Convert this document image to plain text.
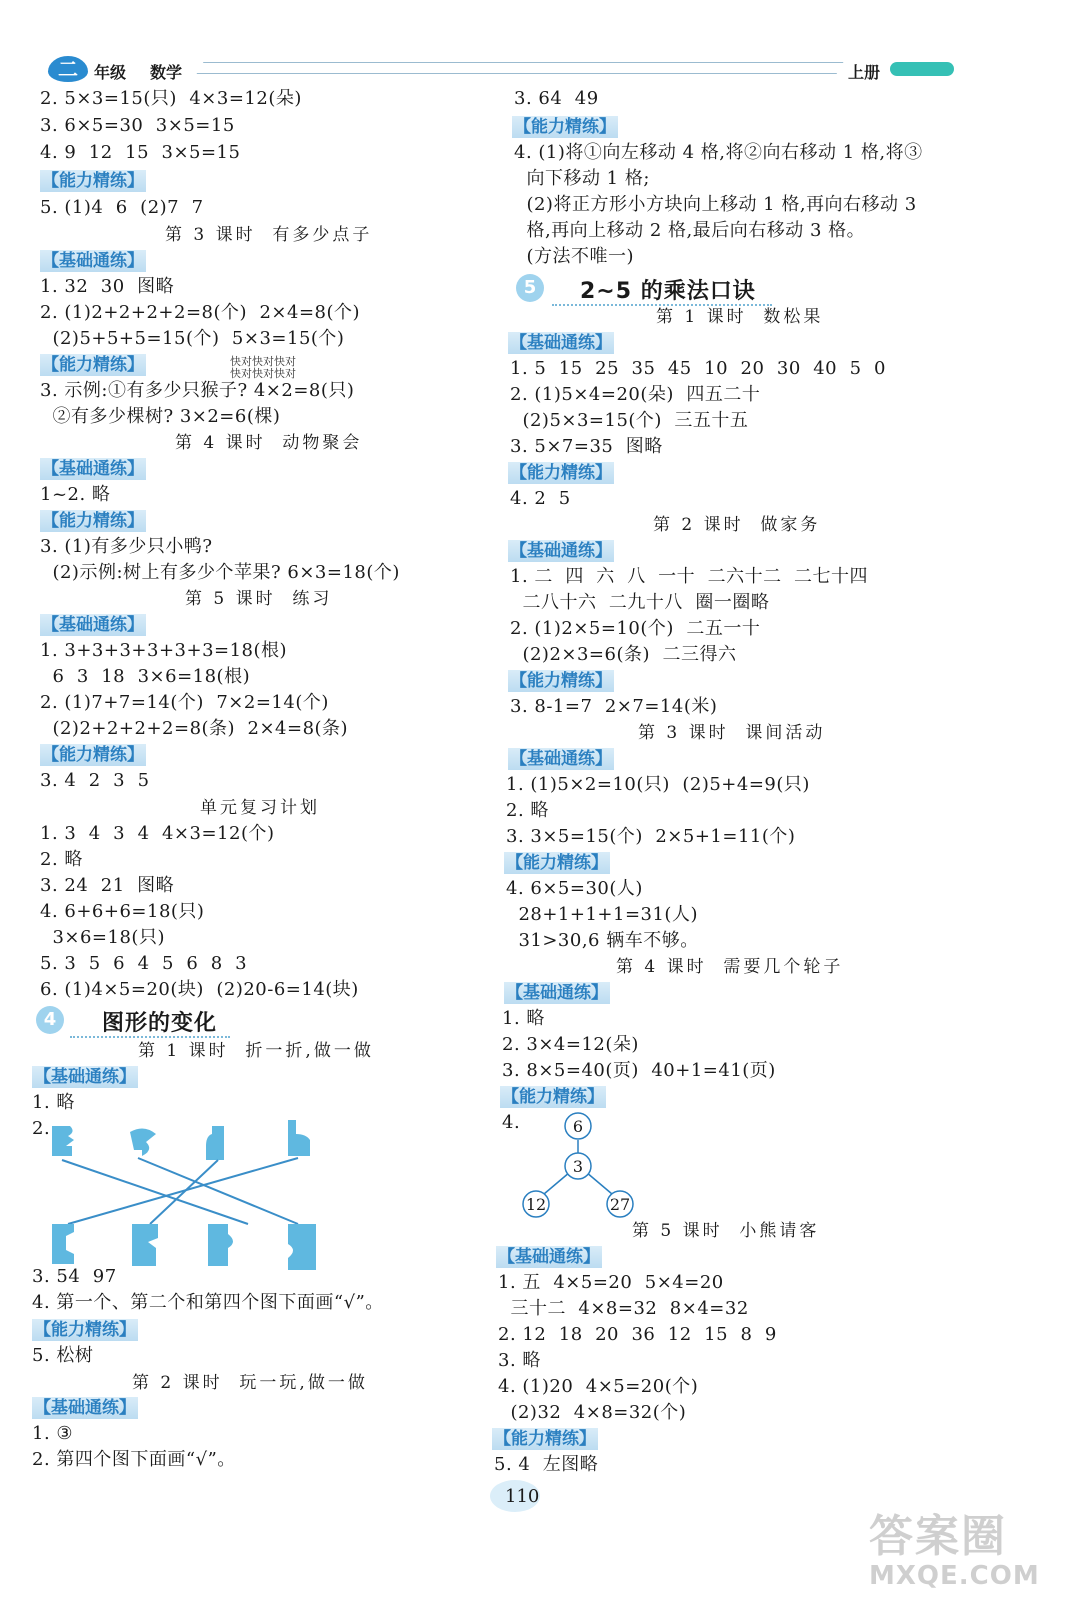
二	年级 数学	上册
2. 5×3=15(只)  4×3=12(朵)
3. 6×5=30  3×5=15
4. 9  12  15  3×5=15
【能力精练】
5. (1)4  6  (2)7  7
第 3 课时  有多少点子
【基础通练】
1. 32  30  图略
2. (1)2+2+2+2=8(个)  2×4=8(个)
(2)5+5+5=15(个)  5×3=15(个)
【能力精练】	快对快对快对
快对快对快对
3. 示例:①有多少只猴子? 4×2=8(只)
②有多少棵树? 3×2=6(棵)
第 4 课时  动物聚会
【基础通练】
1~2. 略
【能力精练】
3. (1)有多少只小鸭?
(2)示例:树上有多少个苹果? 6×3=18(个)
第 5 课时  练习
【基础通练】
1. 3+3+3+3+3+3=18(根)
6  3  18  3×6=18(根)
2. (1)7+7=14(个)  7×2=14(个)
(2)2+2+2+2=8(条)  2×4=8(条)
【能力精练】
3. 4  2  3  5
单元复习计划
1. 3  4  3  4  4×3=12(个)
2. 略
3. 24  21  图略
4. 6+6+6=18(只)
3×6=18(只)
5. 3  5  6  4  5  6  8  3
6. (1)4×5=20(块)  (2)20-6=14(块)
4	图形的变化
第 1 课时  折一折,做一做
【基础通练】
1. 略
2.
3. 54  97
4. 第一个、第二个和第四个图下面画“√”。
【能力精练】
5. 松树
第 2 课时  玩一玩,做一做
【基础通练】
1. ③
2. 第四个图下面画“√”。
3. 64  49
【能力精练】
4. (1)将①向左移动 4 格,将②向右移动 1 格,将③
向下移动 1 格;
(2)将正方形小方块向上移动 1 格,再向右移动 3
格,再向上移动 2 格,最后向右移动 3 格。
(方法不唯一)
5	2~5 的乘法口诀
第 1 课时  数松果
【基础通练】
1. 5  15  25  35  45  10  20  30  40  5  0
2. (1)5×4=20(朵)  四五二十
(2)5×3=15(个)  三五十五
3. 5×7=35  图略
【能力精练】
4. 2  5
第 2 课时  做家务
【基础通练】
1. 二  四  六  八  一十  二六十二  二七十四
二八十六  二九十八  圈一圈略
2. (1)2×5=10(个)  二五一十
(2)2×3=6(条)  二三得六
【能力精练】
3. 8-1=7  2×7=14(米)
第 3 课时  课间活动
【基础通练】
1. (1)5×2=10(只)  (2)5+4=9(只)
2. 略
3. 3×5=15(个)  2×5+1=11(个)
【能力精练】
4. 6×5=30(人)
28+1+1+1=31(人)
31>30,6 辆车不够。
第 4 课时  需要几个轮子
【基础通练】
1. 略
2. 3×4=12(朵)
3. 8×5=40(页)  40+1=41(页)
【能力精练】
4.	6
3
12	27
第 5 课时  小熊请客
【基础通练】
1. 五  4×5=20  5×4=20
三十二  4×8=32  8×4=32
2. 12  18  20  36  12  15  8  9
3. 略
4. (1)20  4×5=20(个)
(2)32  4×8=32(个)
【能力精练】
5. 4  左图略
110
答案圈
MXQE.COM
